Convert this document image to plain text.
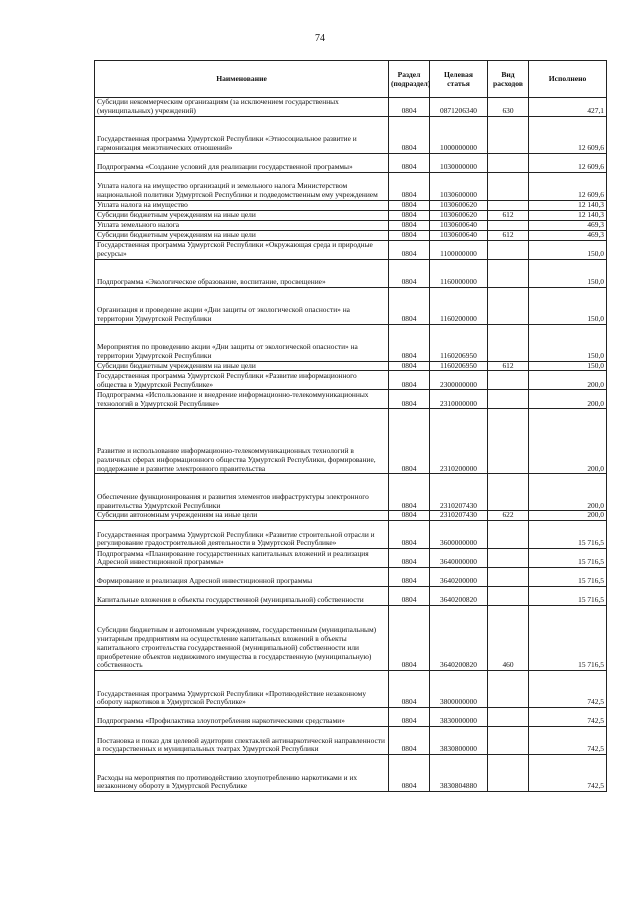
74
Наименование	Раздел (подраздел)	Целевая статья	Вид расходов	Исполнено
Субсидии некоммерческим организациям (за исключением государственных (муниципальных) учреждений)	0804	0871206340	630	427,1
Государственная программа Удмуртской Республики «Этносоциальное развитие и гармонизация межэтнических отношений»	0804	1000000000		12 609,6
Подпрограмма «Создание условий для реализации государственной программы»	0804	1030000000		12 609,6
Уплата налога на имущество организаций и земельного налога Министерством национальной политики Удмуртской Республики и подведомственным ему учреждением	0804	1030600000		12 609,6
Уплата налога на имущество	0804	1030600620		12 140,3
Субсидии бюджетным учреждениям на иные цели	0804	1030600620	612	12 140,3
Уплата земельного налога	0804	1030600640		469,3
Субсидии бюджетным учреждениям на иные цели	0804	1030600640	612	469,3
Государственная программа Удмуртской Республики «Окружающая среда и природные ресурсы»	0804	1100000000		150,0
Подпрограмма «Экологическое образование, воспитание, просвещение»	0804	1160000000		150,0
Организация и проведение акции «Дни защиты от экологической опасности» на территории Удмуртской Республики	0804	1160200000		150,0
Мероприятия по проведению акции «Дни защиты от экологической опасности» на территории Удмуртской Республики	0804	1160206950		150,0
Субсидии бюджетным учреждениям на иные цели	0804	1160206950	612	150,0
Государственная программа Удмуртской Республики «Развитие информационного общества в Удмуртской Республике»	0804	2300000000		200,0
Подпрограмма «Использование и внедрение информационно-телекоммуникационных технологий в Удмуртской Республике»	0804	2310000000		200,0
Развитие и использование информационно-телекоммуникационных технологий в различных сферах информационного общества Удмуртской Республики, формирование, поддержание и развитие электронного правительства	0804	2310200000		200,0
Обеспечение функционирования и развития элементов инфраструктуры электронного правительства Удмуртской Республики	0804	2310207430		200,0
Субсидии автономным учреждениям на иные цели	0804	2310207430	622	200,0
Государственная программа Удмуртской Республики «Развитие строительной отрасли и регулирование градостроительной деятельности в Удмуртской Республике»	0804	3600000000		15 716,5
Подпрограмма «Планирование государственных капитальных вложений и реализация Адресной инвестиционной программы»	0804	3640000000		15 716,5
Формирование и реализация Адресной инвестиционной программы	0804	3640200000		15 716,5
Капитальные вложения в объекты государственной (муниципальной) собственности	0804	3640200820		15 716,5
Субсидии бюджетным и автономным учреждениям, государственным (муниципальным) унитарным предприятиям на осуществление капитальных вложений в объекты капитального строительства государственной (муниципальной) собственности или приобретение объектов недвижимого имущества в государственную (муниципальную) собственность	0804	3640200820	460	15 716,5
Государственная программа Удмуртской Республики «Противодействие незаконному обороту наркотиков в Удмуртской Республике»	0804	3800000000		742,5
Подпрограмма «Профилактика злоупотребления наркотическими средствами»	0804	3830000000		742,5
Постановка и показ для целевой аудитории спектаклей антинаркотической направленности в государственных и муниципальных театрах Удмуртской Республики	0804	3830800000		742,5
Расходы на мероприятия по противодействию злоупотреблению наркотиками и их незаконному обороту в Удмуртской Республике	0804	3830804880		742,5
